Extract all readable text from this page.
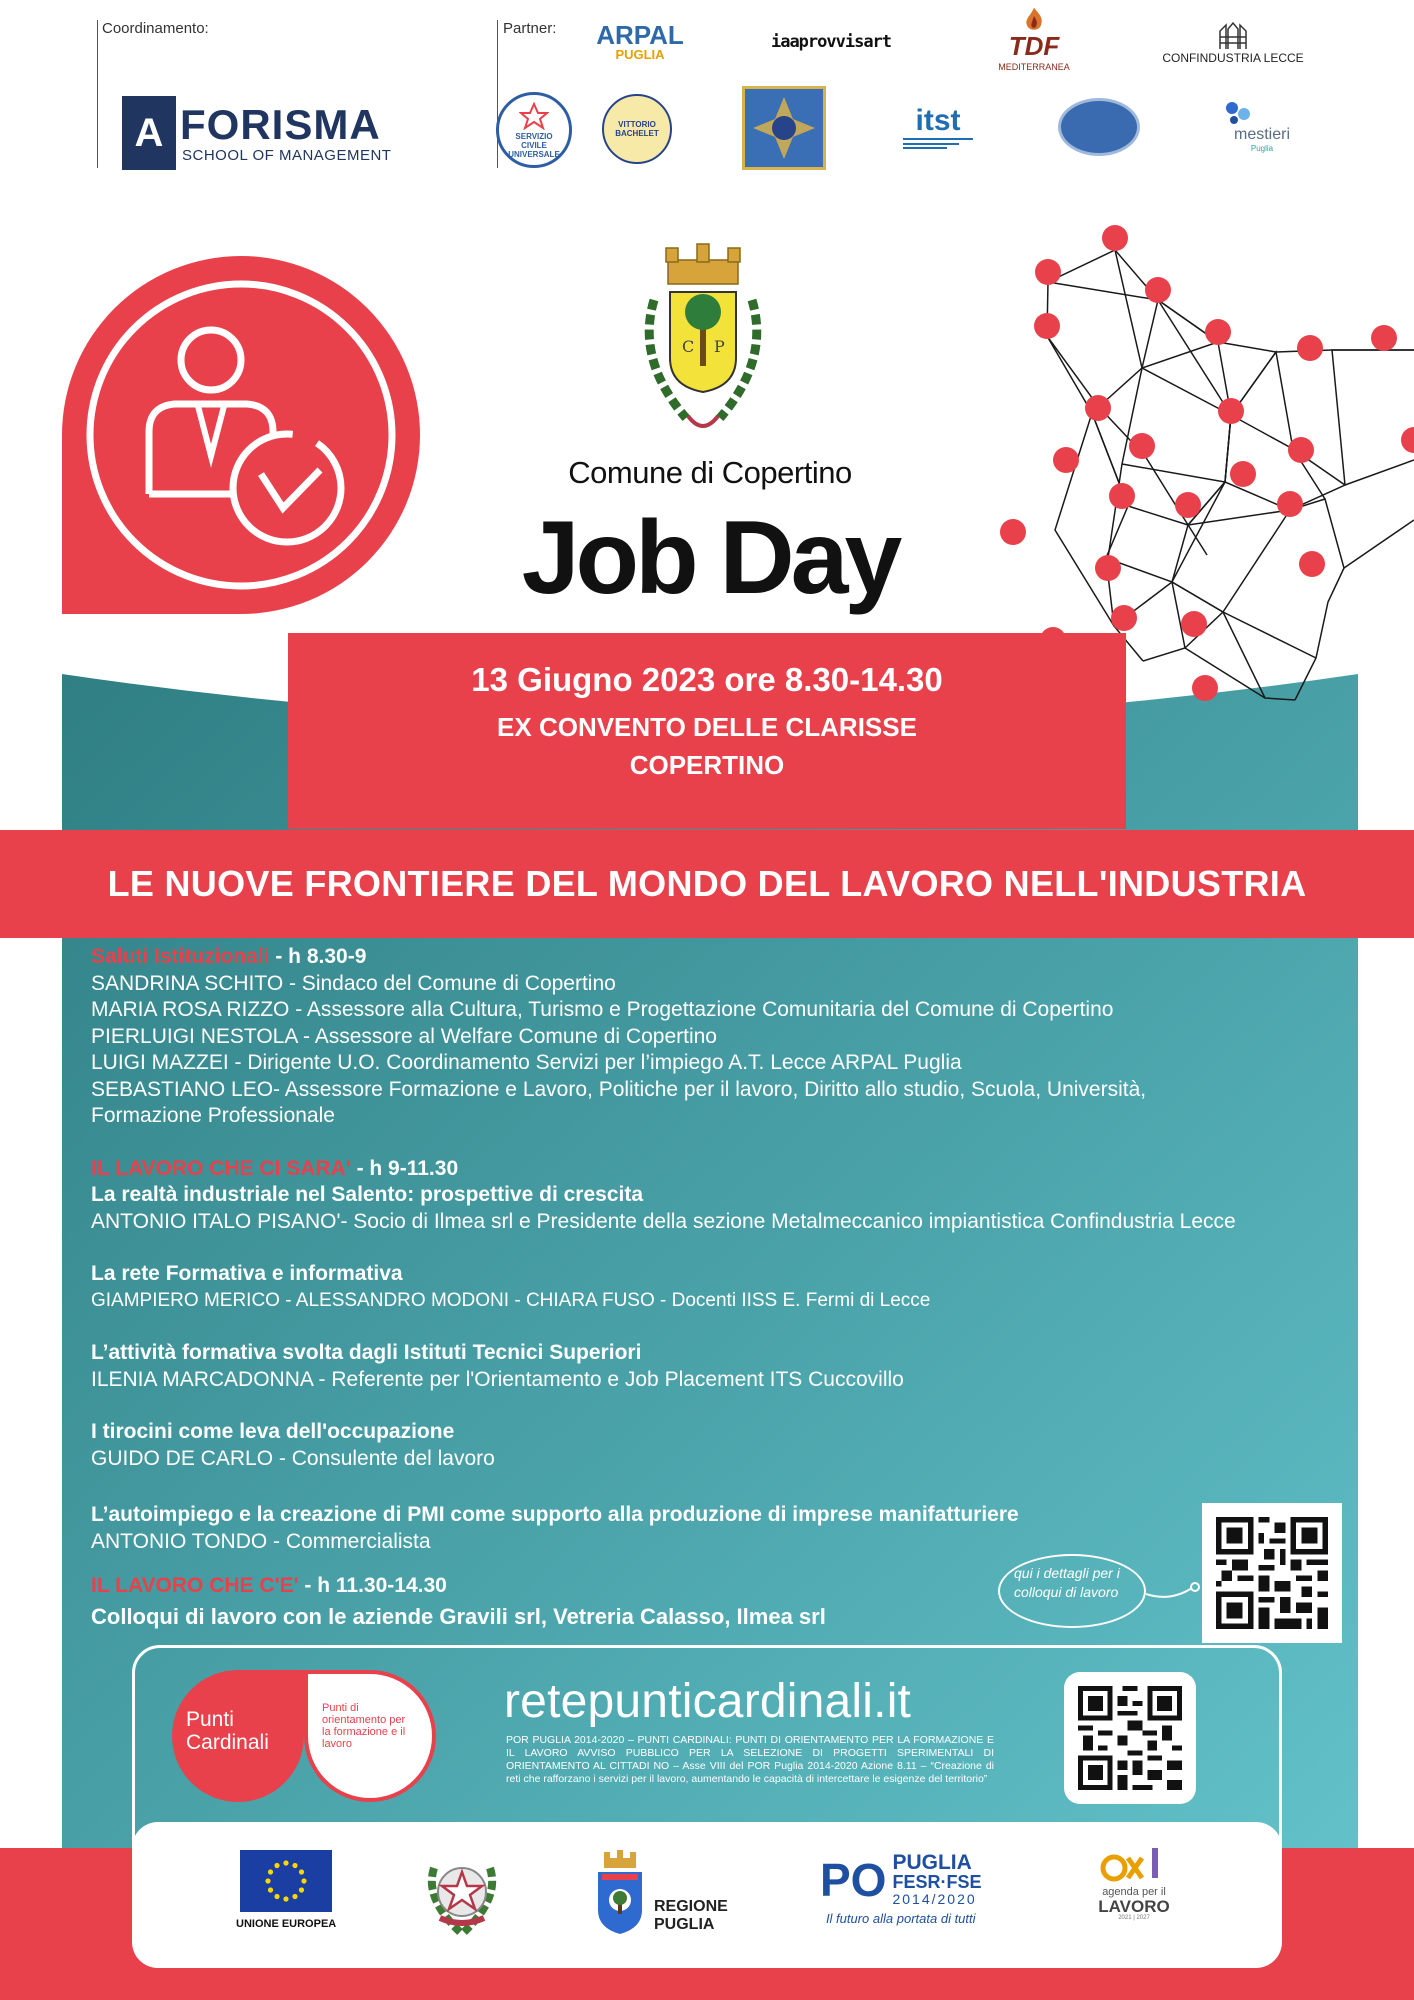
Coordinamento:
A FORISMA
SCHOOL OF MANAGEMENT
Partner: ARPAL
PUGLIA
iaaprovvisart	TDF
MEDITERRANEA
CONFINDUSTRIA LECCE
SERVIZIO CIVILE UNIVERSALE
VITTORIO BACHELET	itst	mestieri
Puglia
C P
Comune di Copertino
Job Day
13 Giugno 2023 ore 8.30-14.30
EX CONVENTO DELLE CLARISSE
COPERTINO
LE NUOVE FRONTIERE DEL MONDO DEL LAVORO NELL'INDUSTRIA
Saluti Istituzionali - h 8.30-9
SANDRINA SCHITO - Sindaco del Comune di Copertino
MARIA ROSA RIZZO - Assessore alla Cultura, Turismo e Progettazione Comunitaria del Comune di Copertino
PIERLUIGI NESTOLA - Assessore al Welfare Comune di Copertino
LUIGI MAZZEI - Dirigente U.O. Coordinamento Servizi per l’impiego A.T. Lecce ARPAL Puglia
SEBASTIANO LEO- Assessore Formazione e Lavoro, Politiche per il lavoro, Diritto allo studio, Scuola, Università,
Formazione Professionale
IL LAVORO CHE CI SARA' - h 9-11.30
La realtà industriale nel Salento: prospettive di crescita
ANTONIO ITALO PISANO'- Socio di Ilmea srl e Presidente della sezione Metalmeccanico impiantistica Confindustria Lecce
La rete Formativa e informativa
GIAMPIERO MERICO - ALESSANDRO MODONI - CHIARA FUSO - Docenti IISS E. Fermi di Lecce
L’attività formativa svolta dagli Istituti Tecnici Superiori
ILENIA MARCADONNA - Referente per l'Orientamento e Job Placement ITS Cuccovillo
I tirocini come leva dell'occupazione
GUIDO DE CARLO - Consulente del lavoro
L’autoimpiego e la creazione di PMI come supporto alla produzione di imprese manifatturiere
ANTONIO TONDO - Commercialista
IL LAVORO CHE C'E' - h 11.30-14.30
Colloqui di lavoro con le aziende Gravili srl, Vetreria Calasso, Ilmea srl
qui i dettagli per i colloqui di lavoro
Punti Cardinali
Punti di orientamento per la formazione e il lavoro
retepunticardinali.it
POR PUGLIA 2014-2020 – PUNTI CARDINALI: PUNTI DI ORIENTAMENTO PER LA FORMAZIONE E IL LAVORO AVVISO PUBBLICO PER LA SELEZIONE DI PROGETTI SPERIMENTALI DI ORIENTAMENTO AL CITTADI NO – Asse VIII del POR Puglia 2014-2020 Azione 8.11 – “Creazione di reti che rafforzano i servizi per il lavoro, aumentando le capacità di intercettare le esigenze del territorio”
UNIONE EUROPEA
REGIONE
PUGLIA
PO PUGLIA
FESR·FSE
2014/2020
Il futuro alla portata di tutti
agenda per il
LAVORO
2021 | 2027
